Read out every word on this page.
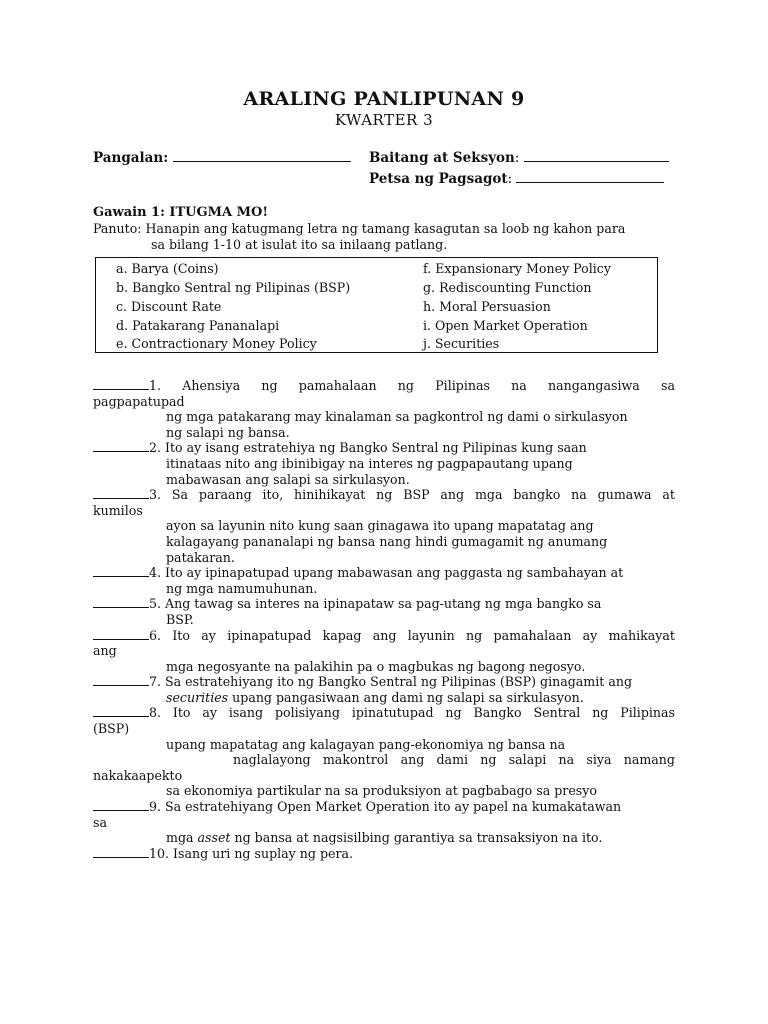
ARALING PANLIPUNAN 9
KWARTER 3
Pangalan:	Baitang at Seksyon:
Petsa ng Pagsagot:
Gawain 1: ITUGMA MO!
Panuto: Hanapin ang katugmang letra ng tamang kasagutan sa loob ng kahon para
sa bilang 1-10 at isulat ito sa inilaang patlang.
a. Barya (Coins)
b. Bangko Sentral ng Pilipinas (BSP)
c. Discount Rate
d. Patakarang Pananalapi
e. Contractionary Money Policy
f. Expansionary Money Policy
g. Rediscounting Function
h. Moral Persuasion
i. Open Market Operation
j. Securities
1. Ahensiya ng pamahalaan ng Pilipinas na nangangasiwa sa
pagpapatupad
ng mga patakarang may kinalaman sa pagkontrol ng dami o sirkulasyon
ng salapi ng bansa.
2. Ito ay isang estratehiya ng Bangko Sentral ng Pilipinas kung saan
itinataas nito ang ibinibigay na interes ng pagpapautang upang
mabawasan ang salapi sa sirkulasyon.
3. Sa paraang ito, hinihikayat ng BSP ang mga bangko na gumawa at
kumilos
ayon sa layunin nito kung saan ginagawa ito upang mapatatag ang
kalagayang pananalapi ng bansa nang hindi gumagamit ng anumang
patakaran.
4. Ito ay ipinapatupad upang mabawasan ang paggasta ng sambahayan at
ng mga namumuhunan.
5. Ang tawag sa interes na ipinapataw sa pag-utang ng mga bangko sa
BSP.
6. Ito ay ipinapatupad kapag ang layunin ng pamahalaan ay mahikayat
ang
mga negosyante na palakihin pa o magbukas ng bagong negosyo.
7. Sa estratehiyang ito ng Bangko Sentral ng Pilipinas (BSP) ginagamit ang
securities upang pangasiwaan ang dami ng salapi sa sirkulasyon.
8. Ito ay isang polisiyang ipinatutupad ng Bangko Sentral ng Pilipinas
(BSP)
upang mapatatag ang kalagayan pang-ekonomiya ng bansa na
naglalayong makontrol ang dami ng salapi na siya namang
nakakaapekto
sa ekonomiya partikular na sa produksiyon at pagbabago sa presyo
9. Sa estratehiyang Open Market Operation ito ay papel na kumakatawan
sa
mga asset ng bansa at nagsisilbing garantiya sa transaksiyon na ito.
10. Isang uri ng suplay ng pera.
